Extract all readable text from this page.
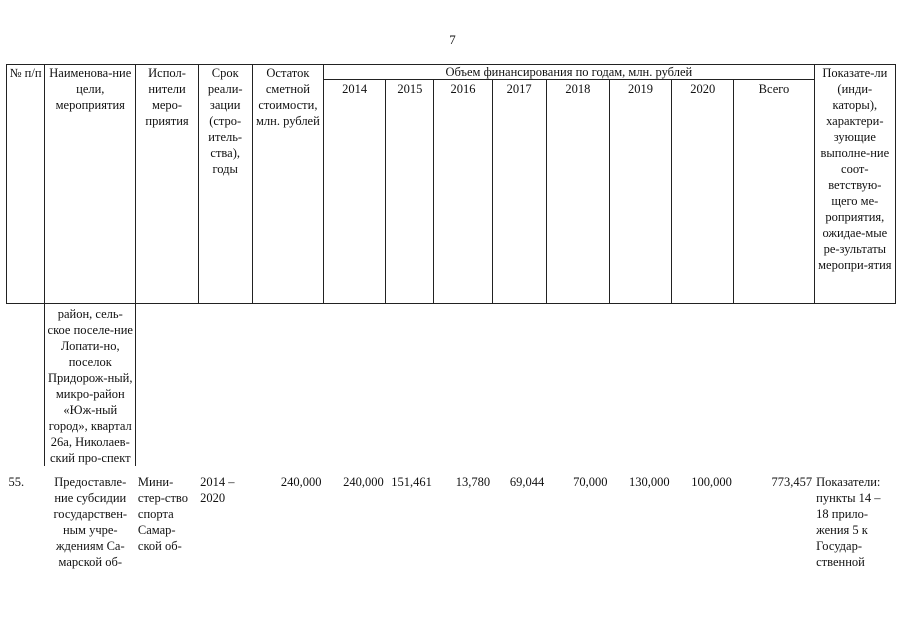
7
№ п/п	Наименова-ние цели, мероприятия	Испол-нители меро-приятия	Срок реали-зации (стро-итель-ства), годы	Остаток сметной стоимости, млн. рублей	Объем финансирования по годам, млн. рублей								Показате-ли (инди-каторы), характери-зующие выполне-ние соот-ветствую-щего ме-роприятия, ожидае-мые ре-зультаты меропри-ятия
					2014	2015	2016	2017	2018	2019	2020	Всего	
	район, сель-ское поселе-ние Лопати-но, поселок Придорож-ный, микро-район «Юж-ный город», квартал 26а, Николаев-ский про-спект												
55.	Предоставле-ние субсидии государствен-ным учре-ждениям Са-марской об-	Мини-стер-ство спорта Самар-ской об-	2014 – 2020	240,000	240,000	151,461	13,780	69,044	70,000	130,000	100,000	773,457	Показатели: пункты 14 – 18 прило-жения 5 к Государ-ственной
